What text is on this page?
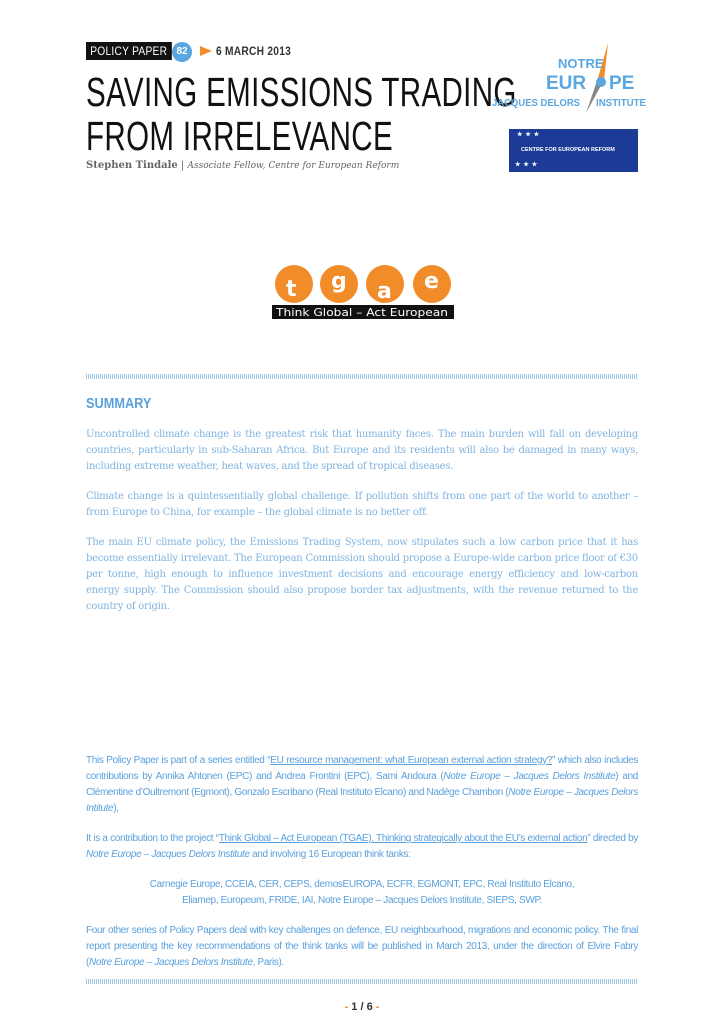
POLICY PAPER 82	6 MARCH 2013
SAVING EMISSIONS TRADING
FROM IRRELEVANCE
Stephen Tindale | Associate Fellow, Centre for European Reform
NOTRE
EUR PE
JACQUES DELORS INSTITUTE
★★★
★★★
CENTRE FOR EUROPEAN REFORM
t g a e
Think Global – Act European
SUMMARY
Uncontrolled climate change is the greatest risk that humanity faces. The main burden will fall on developing countries, particularly in sub-Saharan Africa. But Europe and its residents will also be damaged in many ways, including extreme weather, heat waves, and the spread of tropical diseases.
Climate change is a quintessentially global challenge. If pollution shifts from one part of the world to another – from Europe to China, for example – the global climate is no better off.
The main EU climate policy, the Emissions Trading System, now stipulates such a low carbon price that it has become essentially irrelevant. The European Commission should propose a Europe-wide carbon price floor of €30 per tonne, high enough to influence investment decisions and encourage energy efficiency and low-carbon energy supply. The Commission should also propose border tax adjustments, with the revenue returned to the country of origin.
This Policy Paper is part of a series entitled “EU resource management: what European external action strategy?” which also includes contributions by Annika Ahtonen (EPC) and Andrea Frontini (EPC), Sami Andoura (Notre Europe – Jacques Delors Institute) and Clémentine d’Oultremont (Egmont), Gonzalo Escribano (Real Instituto Elcano) and Nadège Chambon (Notre Europe – Jacques Delors Intitute),
It is a contribution to the project “Think Global – Act European (TGAE). Thinking strategically about the EU’s external action” directed by Notre Europe – Jacques Delors Institute and involving 16 European think tanks:
Carnegie Europe, CCEIA, CER, CEPS, demosEUROPA, ECFR, EGMONT, EPC, Real Instituto Elcano,
Eliamep, Europeum, FRIDE, IAI, Notre Europe – Jacques Delors Institute, SIEPS, SWP.
Four other series of Policy Papers deal with key challenges on defence, EU neighbourhood, migrations and economic policy. The final report presenting the key recommendations of the think tanks will be published in March 2013, under the direction of Elvire Fabry (Notre Europe – Jacques Delors Institute, Paris).
- 1 / 6 -
